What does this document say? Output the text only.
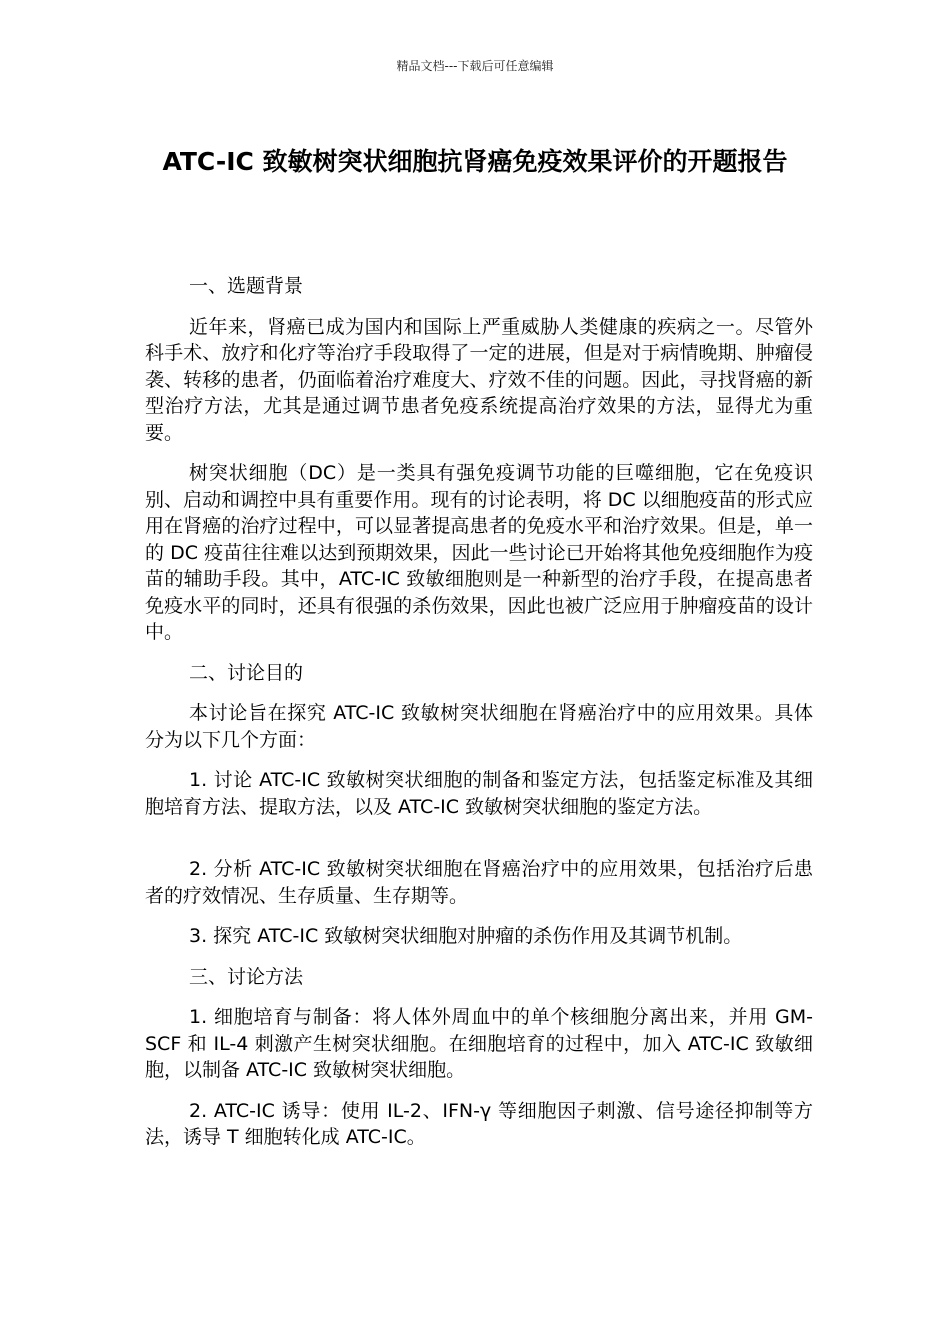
精品文档---下载后可任意编辑
ATC-IC 致敏树突状细胞抗肾癌免疫效果评价的开题报告

一、选题背景

近年来，肾癌已成为国内和国际上严重威胁人类健康的疾病之一。尽管外科手术、放疗和化疗等治疗手段取得了一定的进展，但是对于病情晚期、肿瘤侵袭、转移的患者，仍面临着治疗难度大、疗效不佳的问题。因此，寻找肾癌的新型治疗方法，尤其是通过调节患者免疫系统提高治疗效果的方法，显得尤为重要。

树突状细胞（DC）是一类具有强免疫调节功能的巨噬细胞，它在免疫识别、启动和调控中具有重要作用。现有的讨论表明，将 DC 以细胞疫苗的形式应用在肾癌的治疗过程中，可以显著提高患者的免疫水平和治疗效果。但是，单一的 DC 疫苗往往难以达到预期效果，因此一些讨论已开始将其他免疫细胞作为疫苗的辅助手段。其中，ATC-IC 致敏细胞则是一种新型的治疗手段，在提高患者免疫水平的同时，还具有很强的杀伤效果，因此也被广泛应用于肿瘤疫苗的设计中。

二、讨论目的

本讨论旨在探究 ATC-IC 致敏树突状细胞在肾癌治疗中的应用效果。具体分为以下几个方面：

1. 讨论 ATC-IC 致敏树突状细胞的制备和鉴定方法，包括鉴定标准及其细胞培育方法、提取方法，以及 ATC-IC 致敏树突状细胞的鉴定方法。

2. 分析 ATC-IC 致敏树突状细胞在肾癌治疗中的应用效果，包括治疗后患者的疗效情况、生存质量、生存期等。

3. 探究 ATC-IC 致敏树突状细胞对肿瘤的杀伤作用及其调节机制。

三、讨论方法

1. 细胞培育与制备：将人体外周血中的单个核细胞分离出来，并用 GM-SCF 和 IL-4 刺激产生树突状细胞。在细胞培育的过程中，加入 ATC-IC 致敏细胞，以制备 ATC-IC 致敏树突状细胞。

2. ATC-IC 诱导：使用 IL-2、IFN-γ 等细胞因子刺激、信号途径抑制等方法，诱导 T 细胞转化成 ATC-IC。
